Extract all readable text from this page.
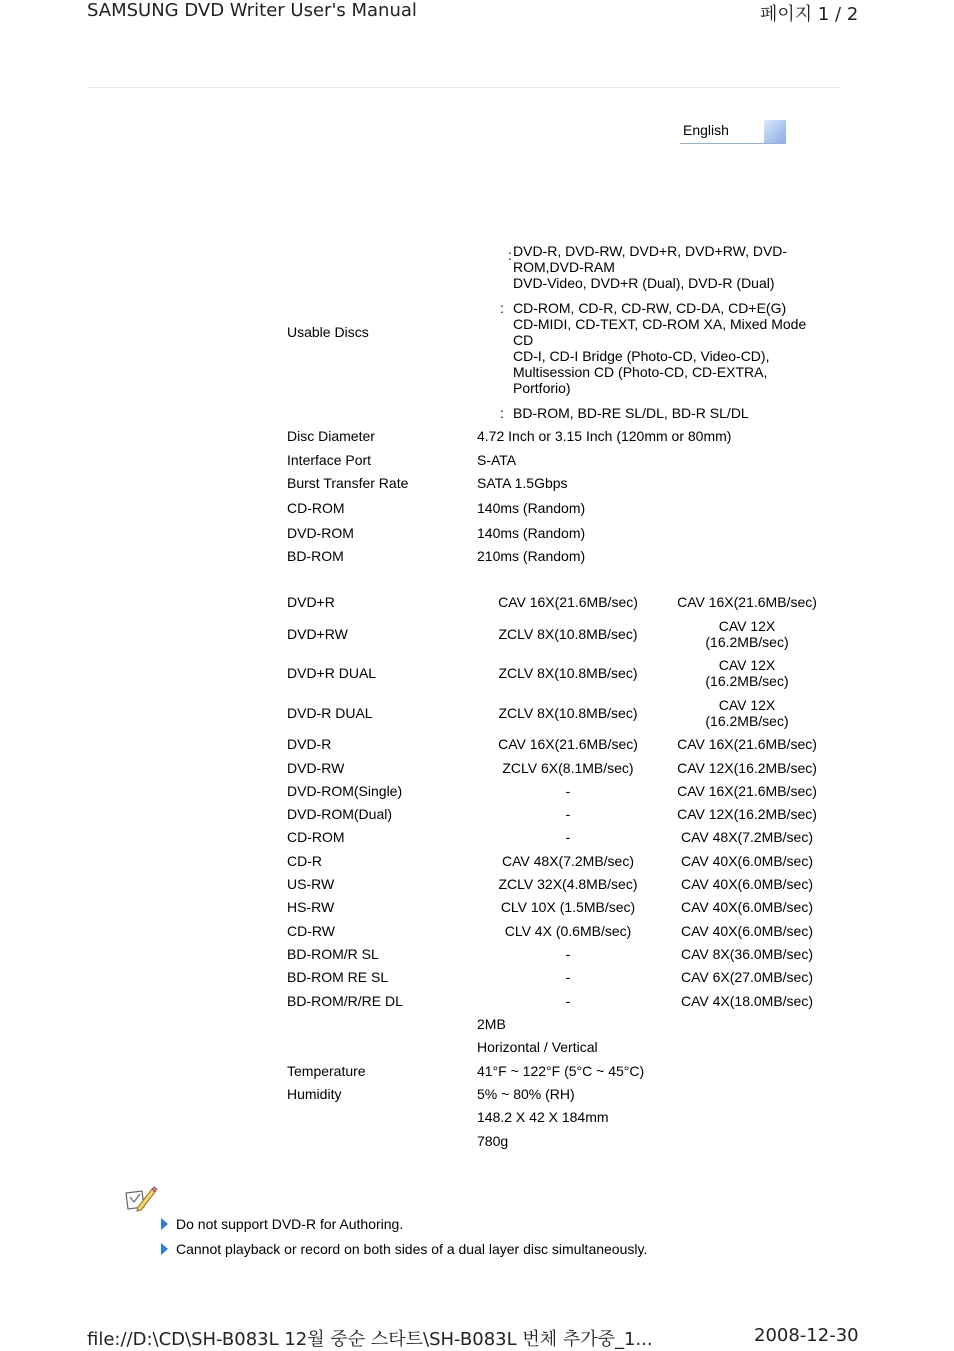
SAMSUNG DVD Writer User's Manual	페이지 1 / 2
English
Usable Discs
: DVD-R, DVD-RW, DVD+R, DVD+RW, DVD-
ROM,DVD-RAM
DVD-Video, DVD+R (Dual), DVD-R (Dual)
: CD-ROM, CD-R, CD-RW, CD-DA, CD+E(G)
CD-MIDI, CD-TEXT, CD-ROM XA, Mixed Mode
CD
CD-I, CD-I Bridge (Photo-CD, Video-CD),
Multisession CD (Photo-CD, CD-EXTRA,
Portforio)
: BD-ROM, BD-RE SL/DL, BD-R SL/DL
Disc Diameter	4.72 Inch or 3.15 Inch (120mm or 80mm)
Interface Port	S-ATA
Burst Transfer Rate	SATA 1.5Gbps
CD-ROM	140ms (Random)
DVD-ROM	140ms (Random)
BD-ROM	210ms (Random)
DVD+R	CAV 16X(21.6MB/sec)	CAV 16X(21.6MB/sec)
DVD+RW	ZCLV 8X(10.8MB/sec)	CAV 12X
(16.2MB/sec)
DVD+R DUAL	ZCLV 8X(10.8MB/sec)	CAV 12X
(16.2MB/sec)
DVD-R DUAL	ZCLV 8X(10.8MB/sec)	CAV 12X
(16.2MB/sec)
DVD-R	CAV 16X(21.6MB/sec)	CAV 16X(21.6MB/sec)
DVD-RW	ZCLV 6X(8.1MB/sec)	CAV 12X(16.2MB/sec)
DVD-ROM(Single)	-	CAV 16X(21.6MB/sec)
DVD-ROM(Dual)	-	CAV 12X(16.2MB/sec)
CD-ROM	-	CAV 48X(7.2MB/sec)
CD-R	CAV 48X(7.2MB/sec)	CAV 40X(6.0MB/sec)
US-RW	ZCLV 32X(4.8MB/sec)	CAV 40X(6.0MB/sec)
HS-RW	CLV 10X (1.5MB/sec)	CAV 40X(6.0MB/sec)
CD-RW	CLV 4X (0.6MB/sec)	CAV 40X(6.0MB/sec)
BD-ROM/R SL	-	CAV 8X(36.0MB/sec)
BD-ROM RE SL	-	CAV 6X(27.0MB/sec)
BD-ROM/R/RE DL	-	CAV 4X(18.0MB/sec)
2MB
Horizontal / Vertical
Temperature	41°F ~ 122°F (5°C ~ 45°C)
Humidity	5% ~ 80% (RH)
148.2 X 42 X 184mm
780g
Do not support DVD-R for Authoring.
Cannot playback or record on both sides of a dual layer disc simultaneously.
file://D:\CD\SH-B083L 12월 중순 스타트\SH-B083L 번체 추가중_1...	2008-12-30
